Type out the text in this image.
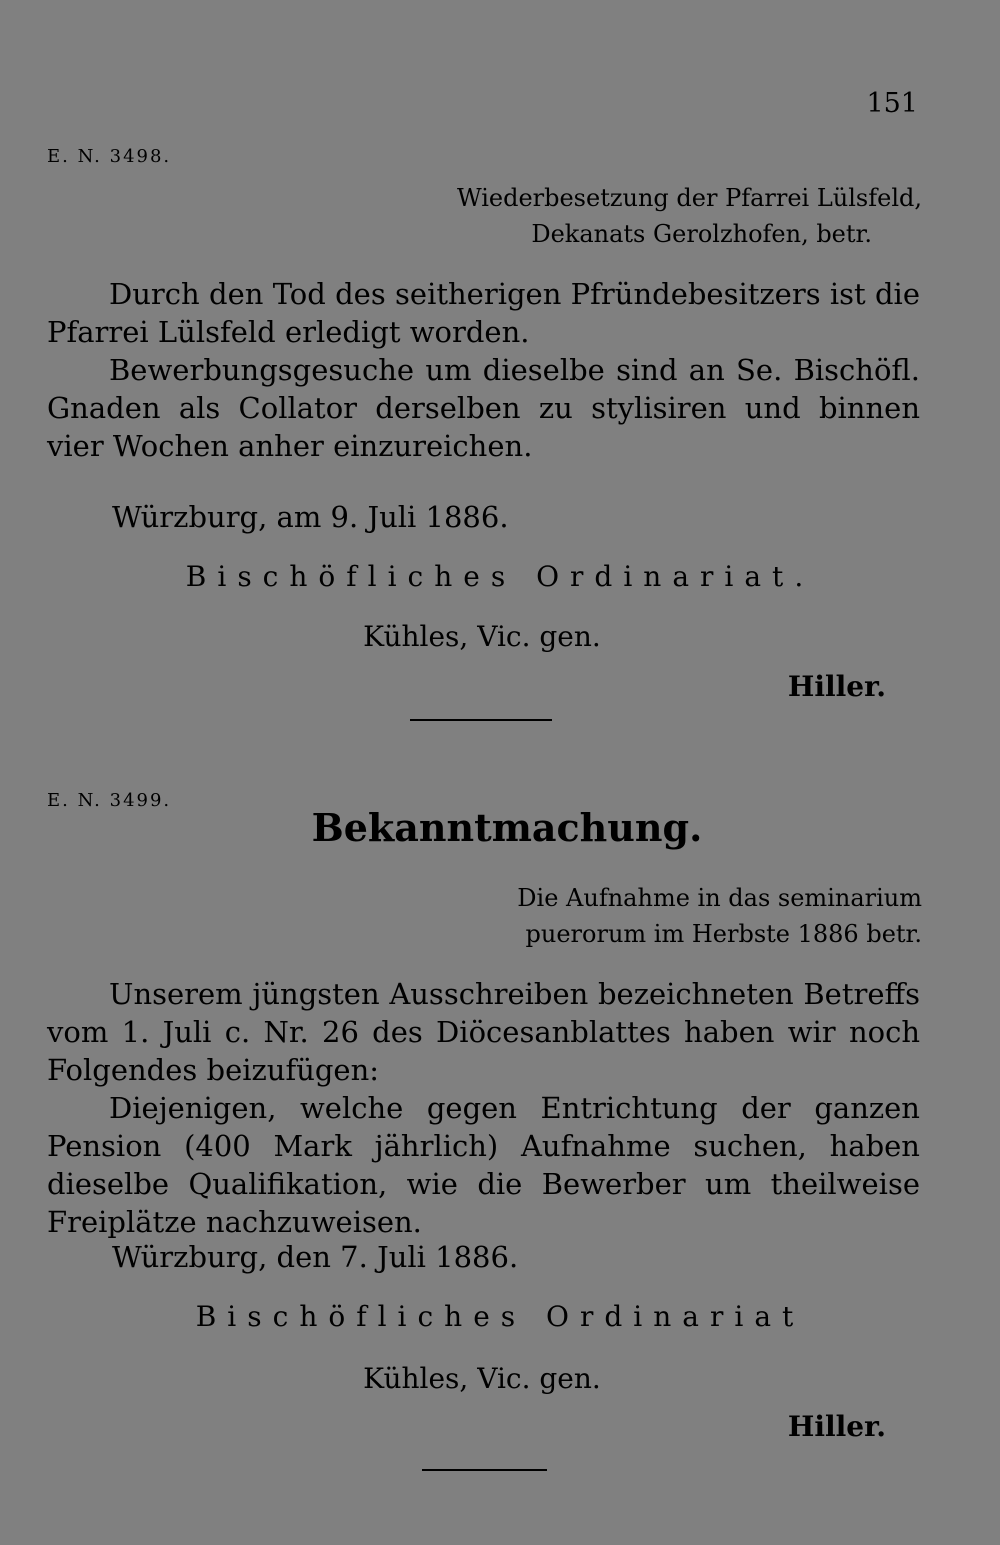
151
E. N. 3498.
Wiederbesetzung der Pfarrei Lülsfeld,
Dekanats Gerolzhofen, betr.

Durch den Tod des seitherigen Pfründebesitzers ist die Pfarrei Lülsfeld erledigt worden.

Bewerbungsgesuche um dieselbe sind an Se. Bischöfl. Gnaden als Collator derselben zu stylisiren und binnen vier Wochen anher einzureichen.

Würzburg, am 9. Juli 1886.
Bischöfliches Ordinariat.
Kühles, Vic. gen.
Hiller.
E. N. 3499.
Bekanntmachung.
Die Aufnahme in das seminarium
puerorum im Herbste 1886 betr.

Unserem jüngsten Ausschreiben bezeichneten Betreffs vom 1. Juli c. Nr. 26 des Diöcesanblattes haben wir noch Folgendes beizufügen:

Diejenigen, welche gegen Entrichtung der ganzen Pension (400 Mark jährlich) Aufnahme suchen, haben dieselbe Qualifikation, wie die Bewerber um theilweise Freiplätze nachzuweisen.

Würzburg, den 7. Juli 1886.
Bischöfliches Ordinariat
Kühles, Vic. gen.
Hiller.
